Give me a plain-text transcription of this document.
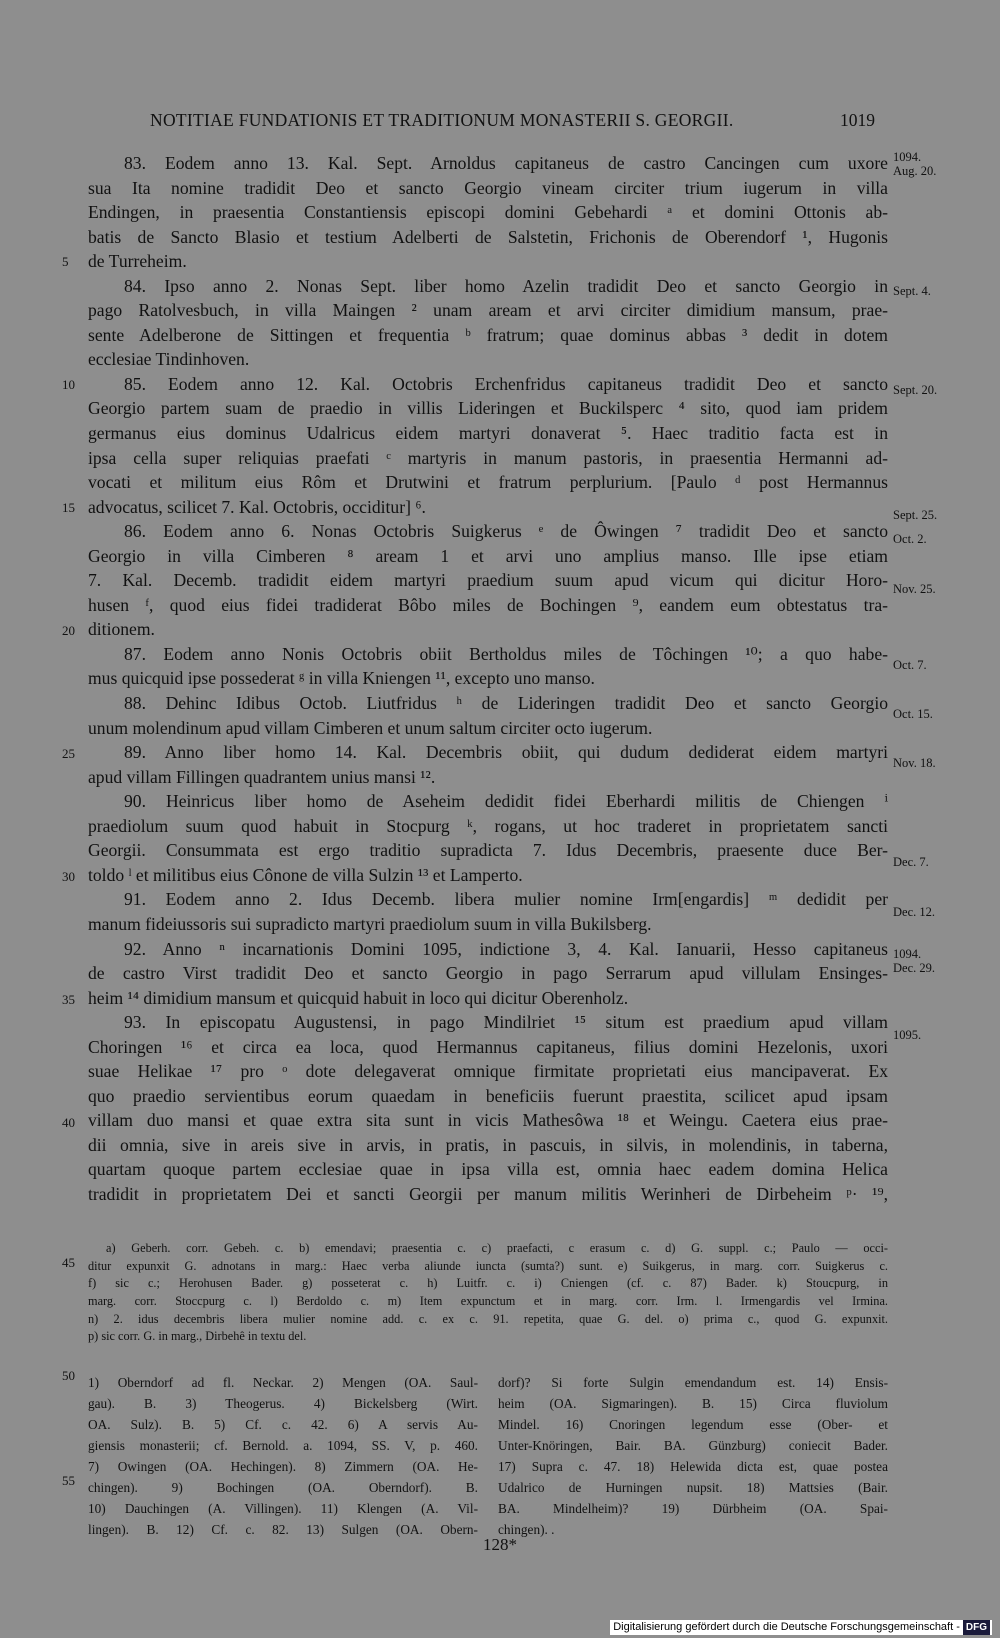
NOTITIAE FUNDATIONIS ET TRADITIONUM MONASTERII S. GEORGII.	1019
83. Eodem anno 13. Kal. Sept. Arnoldus capitaneus de castro Cancingen cum uxore
sua Ita nomine tradidit Deo et sancto Georgio vineam circiter trium iugerum in villa
Endingen, in praesentia Constantiensis episcopi domini Gebehardi ᵃ et domini Ottonis ab-
batis de Sancto Blasio et testium Adelberti de Salstetin, Frichonis de Oberendorf ¹, Hugonis
de Turreheim.
84. Ipso anno 2. Nonas Sept. liber homo Azelin tradidit Deo et sancto Georgio in
pago Ratolvesbuch, in villa Maingen ² unam aream et arvi circiter dimidium mansum, prae-
sente Adelberone de Sittingen et frequentia ᵇ fratrum; quae dominus abbas ³ dedit in dotem
ecclesiae Tindinhoven.
85. Eodem anno 12. Kal. Octobris Erchenfridus capitaneus tradidit Deo et sancto
Georgio partem suam de praedio in villis Lideringen et Buckilsperc ⁴ sito, quod iam pridem
germanus eius dominus Udalricus eidem martyri donaverat ⁵. Haec traditio facta est in
ipsa cella super reliquias praefati ᶜ martyris in manum pastoris, in praesentia Hermanni ad-
vocati et militum eius Rôm et Drutwini et fratrum perplurium. [Paulo ᵈ post Hermannus
advocatus, scilicet 7. Kal. Octobris, occiditur] ⁶.
86. Eodem anno 6. Nonas Octobris Suigkerus ᵉ de Ôwingen ⁷ tradidit Deo et sancto
Georgio in villa Cimberen ⁸ aream 1 et arvi uno amplius manso. Ille ipse etiam
7. Kal. Decemb. tradidit eidem martyri praedium suum apud vicum qui dicitur Horo-
husen ᶠ, quod eius fidei tradiderat Bôbo miles de Bochingen ⁹, eandem eum obtestatus tra-
ditionem.
87. Eodem anno Nonis Octobris obiit Bertholdus miles de Tôchingen ¹⁰; a quo habe-
mus quicquid ipse possederat ᵍ in villa Kniengen ¹¹, excepto uno manso.
88. Dehinc Idibus Octob. Liutfridus ʰ de Lideringen tradidit Deo et sancto Georgio
unum molendinum apud villam Cimberen et unum saltum circiter octo iugerum.
89. Anno liber homo 14. Kal. Decembris obiit, qui dudum dediderat eidem martyri
apud villam Fillingen quadrantem unius mansi ¹².
90. Heinricus liber homo de Aseheim dedidit fidei Eberhardi militis de Chiengen ⁱ
praediolum suum quod habuit in Stocpurg ᵏ, rogans, ut hoc traderet in proprietatem sancti
Georgii. Consummata est ergo traditio supradicta 7. Idus Decembris, praesente duce Ber-
toldo ˡ et militibus eius Cônone de villa Sulzin ¹³ et Lamperto.
91. Eodem anno 2. Idus Decemb. libera mulier nomine Irm[engardis] ᵐ dedidit per
manum fideiussoris sui supradicto martyri praediolum suum in villa Bukilsberg.
92. Anno ⁿ incarnationis Domini 1095, indictione 3, 4. Kal. Ianuarii, Hesso capitaneus
de castro Virst tradidit Deo et sancto Georgio in pago Serrarum apud villulam Ensinges-
heim ¹⁴ dimidium mansum et quicquid habuit in loco qui dicitur Oberenholz.
93. In episcopatu Augustensi, in pago Mindilriet ¹⁵ situm est praedium apud villam
Choringen ¹⁶ et circa ea loca, quod Hermannus capitaneus, filius domini Hezelonis, uxori
suae Helikae ¹⁷ pro ᵒ dote delegaverat omnique firmitate proprietati eius mancipaverat. Ex
quo praedio servientibus eorum quaedam in beneficiis fuerunt praestita, scilicet apud ipsam
villam duo mansi et quae extra sita sunt in vicis Mathesôwa ¹⁸ et Weingu. Caetera eius prae-
dii omnia, sive in areis sive in arvis, in pratis, in pascuis, in silvis, in molendinis, in taberna,
quartam quoque partem ecclesiae quae in ipsa villa est, omnia haec eadem domina Helica
tradidit in proprietatem Dei et sancti Georgii per manum militis Werinheri de Dirbeheim ᵖ· ¹⁹,
5
10
15
20
25
30
35
40
45
50
55
1094.
Aug. 20.
Sept. 4.
Sept. 20.
Sept. 25.
Oct. 2.
Nov. 25.
Oct. 7.
Oct. 15.
Nov. 18.
Dec. 7.
Dec. 12.
1094.
Dec. 29.
1095.
a) Geberh. corr. Gebeh. c. b) emendavi; praesentia c. c) praefacti, c erasum c. d) G. suppl. c.; Paulo — occi-
ditur expunxit G. adnotans in marg.: Haec verba aliunde iuncta (sumta?) sunt. e) Suikgerus, in marg. corr. Suigkerus c.
f) sic c.; Herohusen Bader. g) posseterat c. h) Luitfr. c. i) Cniengen (cf. c. 87) Bader. k) Stoucpurg, in
marg. corr. Stoccpurg c. l) Berdoldo c. m) Item expunctum et in marg. corr. Irm. l. Irmengardis vel Irmina.
n) 2. idus decembris libera mulier nomine add. c. ex c. 91. repetita, quae G. del. o) prima c., quod G. expunxit.
p) sic corr. G. in marg., Dirbehê in textu del.
1) Oberndorf ad fl. Neckar. 2) Mengen (OA. Saul-
gau). B. 3) Theogerus. 4) Bickelsberg (Wirt.
OA. Sulz). B. 5) Cf. c. 42. 6) A servis Au-
giensis monasterii; cf. Bernold. a. 1094, SS. V, p. 460.
7) Owingen (OA. Hechingen). 8) Zimmern (OA. He-
chingen). 9) Bochingen (OA. Oberndorf). B.
10) Dauchingen (A. Villingen). 11) Klengen (A. Vil-
lingen). B. 12) Cf. c. 82. 13) Sulgen (OA. Obern-
dorf)? Si forte Sulgin emendandum est. 14) Ensis-
heim (OA. Sigmaringen). B. 15) Circa fluviolum
Mindel. 16) Cnoringen legendum esse (Ober- et
Unter-Knöringen, Bair. BA. Günzburg) coniecit Bader.
17) Supra c. 47. 18) Helewida dicta est, quae postea
Udalrico de Hurningen nupsit. 18) Mattsies (Bair.
BA. Mindelheim)? 19) Dürbheim (OA. Spai-
chingen). .
128*
Digitalisierung gefördert durch die Deutsche Forschungsgemeinschaft - DFG
